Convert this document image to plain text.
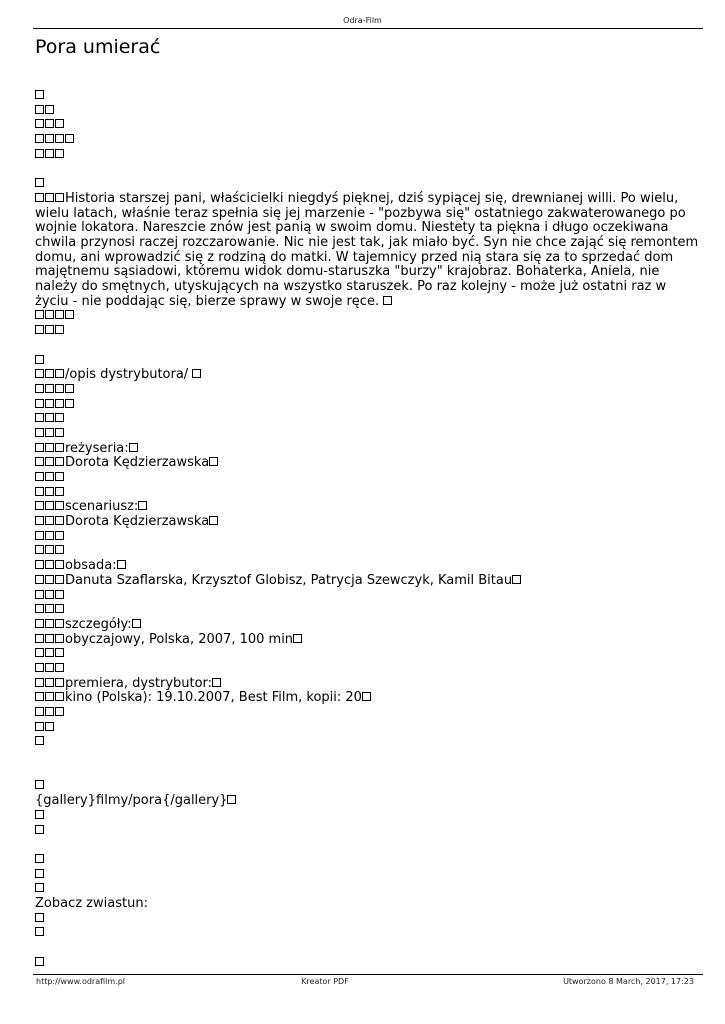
Odra-Film
Pora umierać
Historia starszej pani, właścicielki niegdyś pięknej, dziś sypiącej się, drewnianej willi. Po wielu, wielu latach, właśnie teraz spełnia się jej marzenie - "pozbywa się" ostatniego zakwaterowanego po wojnie lokatora. Nareszcie znów jest panią w swoim domu. Niestety ta piękna i długo oczekiwana chwila przynosi raczej rozczarowanie. Nic nie jest tak, jak miało być. Syn nie chce zająć się remontem domu, ani wprowadzić się z rodziną do matki. W tajemnicy przed nią stara się za to sprzedać dom majętnemu sąsiadowi, któremu widok domu-staruszka "burzy" krajobraz. Bohaterka, Aniela, nie należy do smętnych, utyskujących na wszystko staruszek. Po raz kolejny - może już ostatni raz w życiu - nie poddając się, bierze sprawy w swoje ręce.
/opis dystrybutora/
reżyseria:
Dorota Kędzierzawska
scenariusz:
Dorota Kędzierzawska
obsada:
Danuta Szaflarska, Krzysztof Globisz, Patrycja Szewczyk, Kamil Bitau
szczegóły:
obyczajowy, Polska, 2007, 100 min
premiera, dystrybutor:
kino (Polska): 19.10.2007, Best Film, kopii: 20
{gallery}filmy/pora{/gallery}
Zobacz zwiastun:
http://www.odrafilm.pl	Kreator PDF	Utworzono 8 March, 2017, 17:23
